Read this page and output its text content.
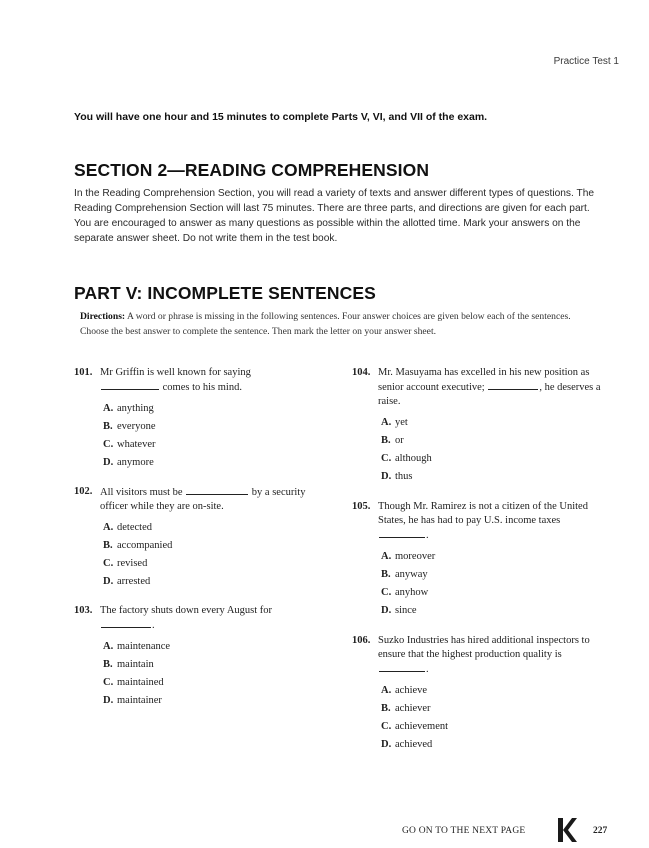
Practice Test 1
You will have one hour and 15 minutes to complete Parts V, VI, and VII of the exam.
SECTION 2—READING COMPREHENSION
In the Reading Comprehension Section, you will read a variety of texts and answer different types of questions. The Reading Comprehension Section will last 75 minutes. There are three parts, and directions are given for each part. You are encouraged to answer as many questions as possible within the allotted time. Mark your answers on the separate answer sheet. Do not write them in the test book.
PART V: INCOMPLETE SENTENCES
Directions: A word or phrase is missing in the following sentences. Four answer choices are given below each of the sentences. Choose the best answer to complete the sentence. Then mark the letter on your answer sheet.
101. Mr Griffin is well known for saying
comes to his mind.
A. anything
B. everyone
C. whatever
D. anymore
102. All visitors must be	by a security officer while they are on-site.
A. detected
B. accompanied
C. revised
D. arrested
103. The factory shuts down every August for
.
A. maintenance
B. maintain
C. maintained
D. maintainer
104. Mr. Masuyama has excelled in his new position as senior account executive;	, he deserves a raise.
A. yet
B. or
C. although
D. thus
105. Though Mr. Ramirez is not a citizen of the United States, he has had to pay U.S. income taxes .
A. moreover
B. anyway
C. anyhow
D. since
106. Suzko Industries has hired additional inspectors to ensure that the highest production quality is .
A. achieve
B. achiever
C. achievement
D. achieved
GO ON TO THE NEXT PAGE	227
